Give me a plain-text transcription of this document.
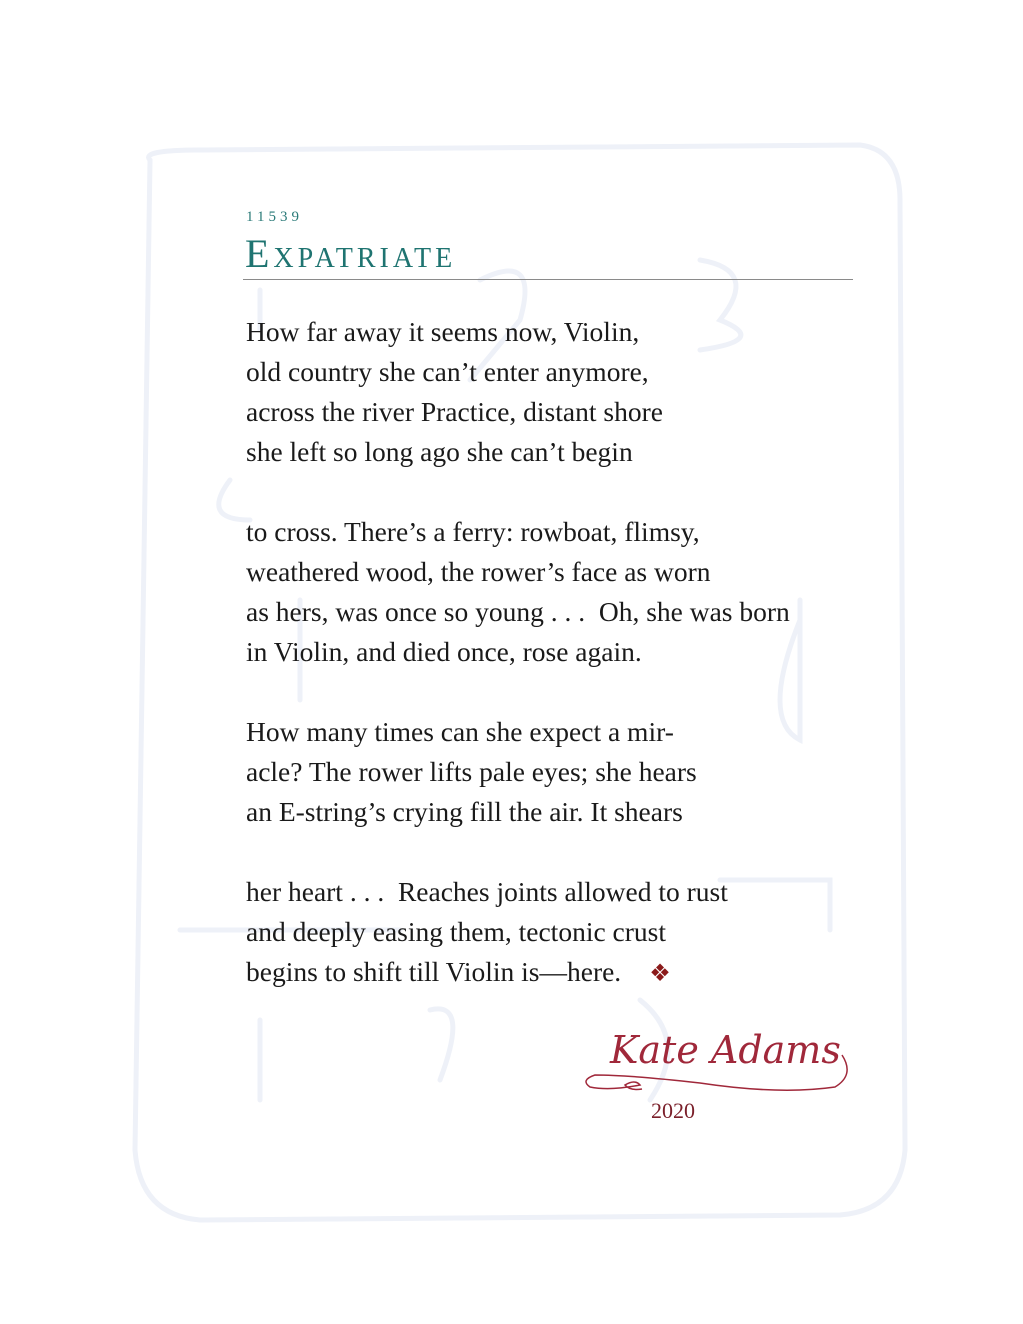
11539
Expatriate
How far away it seems now, Violin,
old country she can’t enter anymore,
across the river Practice, distant shore
she left so long ago she can’t begin
to cross. There’s a ferry: rowboat, flimsy,
weathered wood, the rower’s face as worn
as hers, was once so young . . .  Oh, she was born
in Violin, and died once, rose again.
How many times can she expect a mir-
acle? The rower lifts pale eyes; she hears
an E-string’s crying fill the air. It shears
her heart . . .  Reaches joints allowed to rust
and deeply easing them, tectonic crust
begins to shift till Violin is—here. ❖
Kate Adams
2020
